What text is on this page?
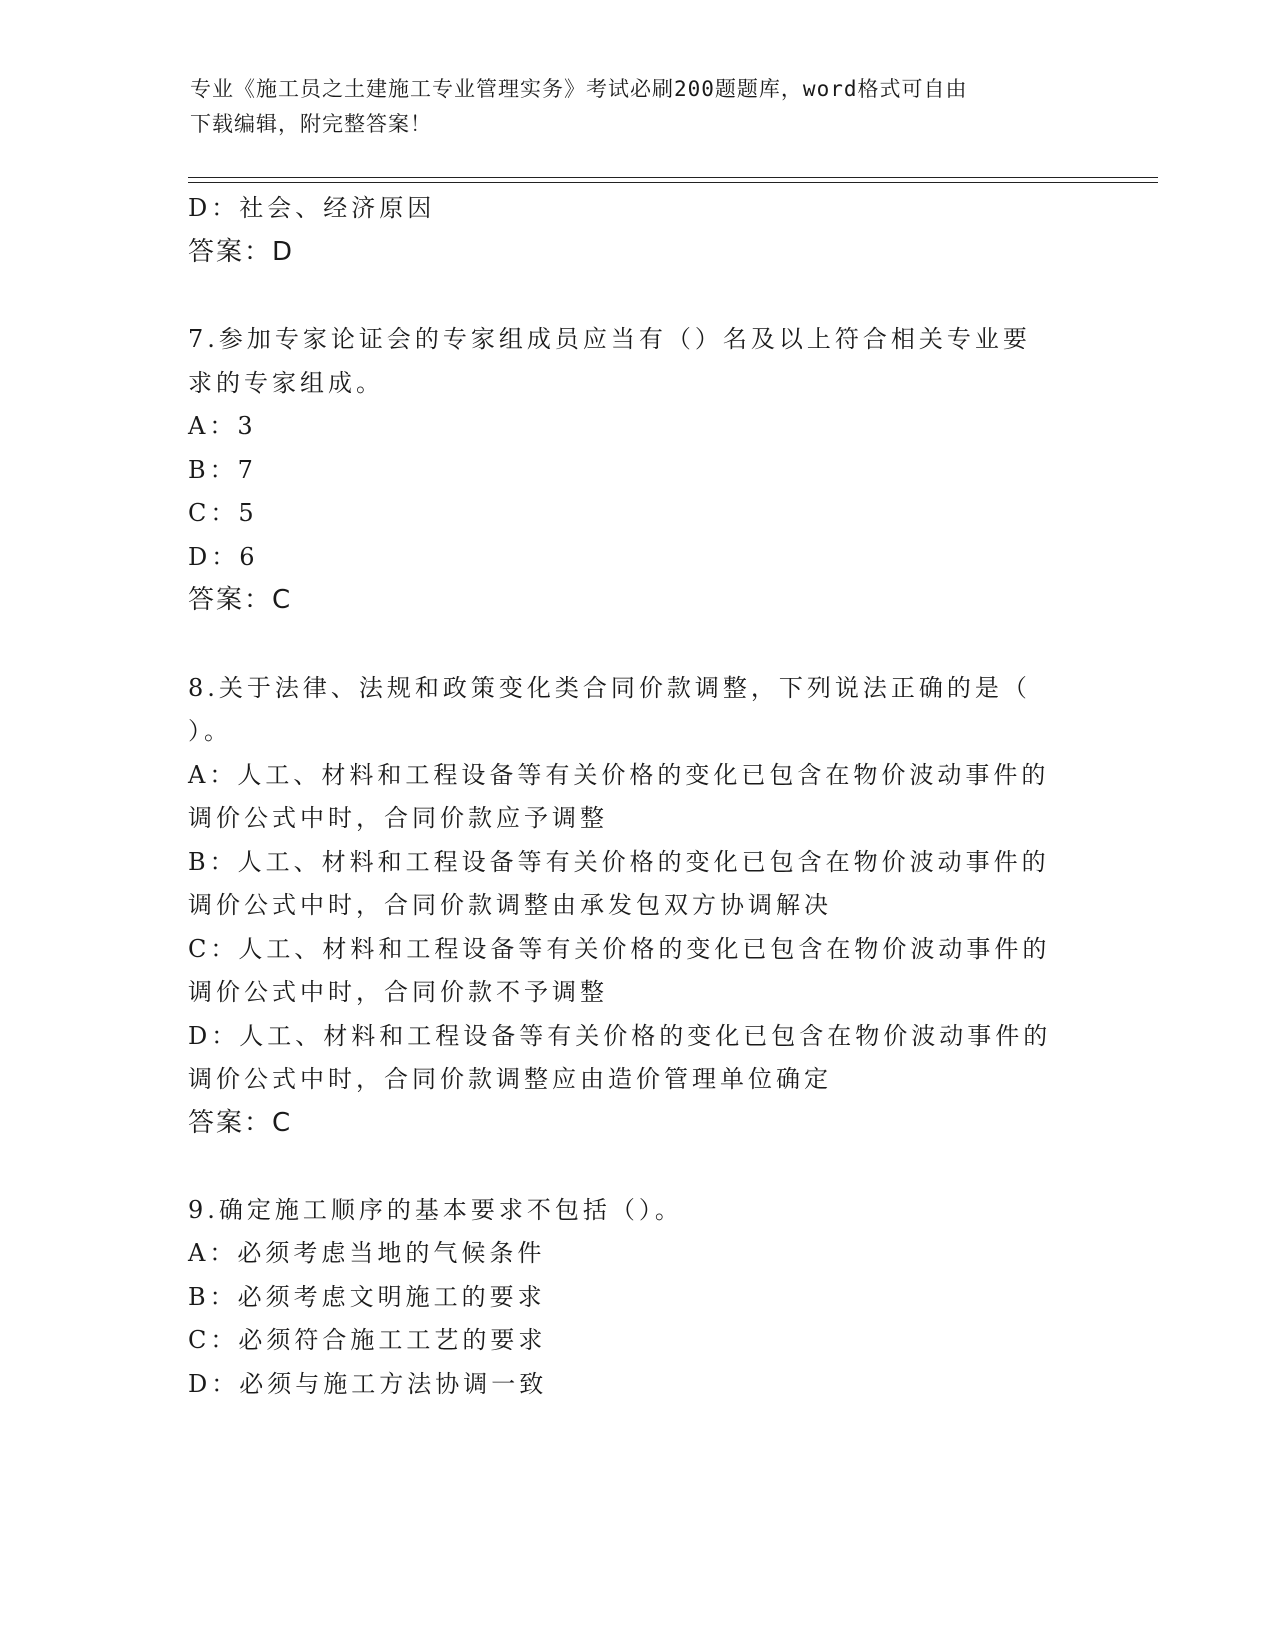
专业《施工员之土建施工专业管理实务》考试必刷200题题库，word格式可自由
下载编辑，附完整答案！
D：社会、经济原因
答案：D
7.参加专家论证会的专家组成员应当有（）名及以上符合相关专业要
求的专家组成。
A：3
B：7
C：5
D：6
答案：C
8.关于法律、法规和政策变化类合同价款调整，下列说法正确的是（
）。
A：人工、材料和工程设备等有关价格的变化已包含在物价波动事件的
调价公式中时，合同价款应予调整
B：人工、材料和工程设备等有关价格的变化已包含在物价波动事件的
调价公式中时，合同价款调整由承发包双方协调解决
C：人工、材料和工程设备等有关价格的变化已包含在物价波动事件的
调价公式中时，合同价款不予调整
D：人工、材料和工程设备等有关价格的变化已包含在物价波动事件的
调价公式中时，合同价款调整应由造价管理单位确定
答案：C
9.确定施工顺序的基本要求不包括（）。
A：必须考虑当地的气候条件
B：必须考虑文明施工的要求
C：必须符合施工工艺的要求
D：必须与施工方法协调一致
